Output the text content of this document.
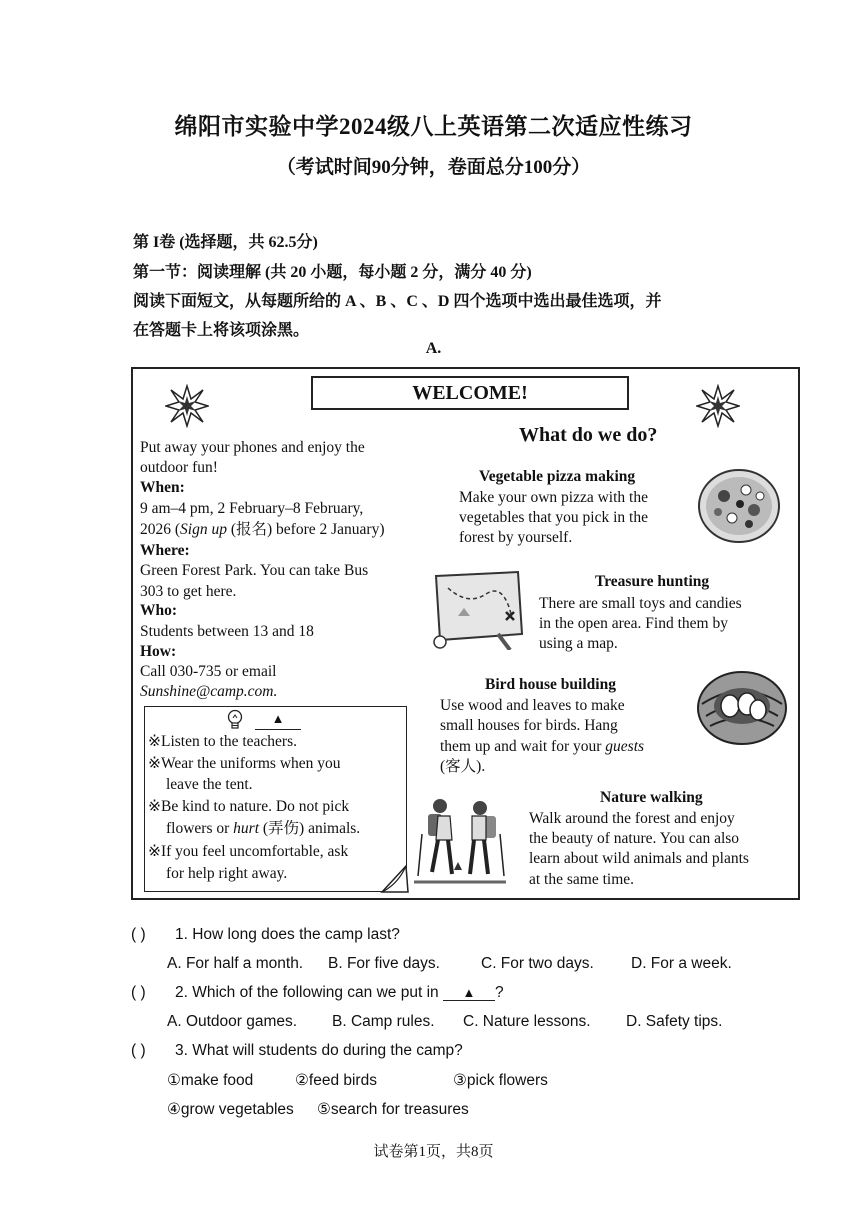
绵阳市实验中学2024级八上英语第二次适应性练习
（考试时间90分钟，卷面总分100分）
第 I卷 (选择题，共 62.5分)
第一节：阅读理解 (共 20 小题，每小题 2 分，满分 40 分)
阅读下面短文，从每题所给的 A 、B 、C 、D 四个选项中选出最佳选项，并
在答题卡上将该项涂黑。
A.
WELCOME!
What do we do?
Put away your phones and enjoy the
outdoor fun!
When:
9 am–4 pm, 2 February–8 February,
2026 (Sign up (报名) before 2 January)
Where:
Green Forest Park. You can take Bus
303 to get here.
Who:
Students between 13 and 18
How:
Call 030-735 or email
Sunshine@camp.com.
▲
※Listen to the teachers.
※Wear the uniforms when you
leave the tent.
※Be kind to nature. Do not pick
flowers or hurt (弄伤) animals.
※If you feel uncomfortable, ask
for help right away.
Vegetable pizza making
Make your own pizza with the
vegetables that you pick in the
forest by yourself.
Treasure hunting
There are small toys and candies
in the open area. Find them by
using a map.
Bird house building
Use wood and leaves to make
small houses for birds. Hang
them up and wait for your guests
(客人).
Nature walking
Walk around the forest and enjoy
the beauty of nature. You can also
learn about wild animals and plants
at the same time.
( ) 1. How long does the camp last?
A. For half a month. B. For five days.	C. For two days. D. For a week.
( ) 2. Which of the following can we put in ▲ ?
A. Outdoor games. B. Camp rules. C. Nature lessons. D. Safety tips.
( ) 3. What will students do during the camp?
①make food	②feed birds	③pick flowers
④grow vegetables ⑤search for treasures
试卷第1页，共8页
